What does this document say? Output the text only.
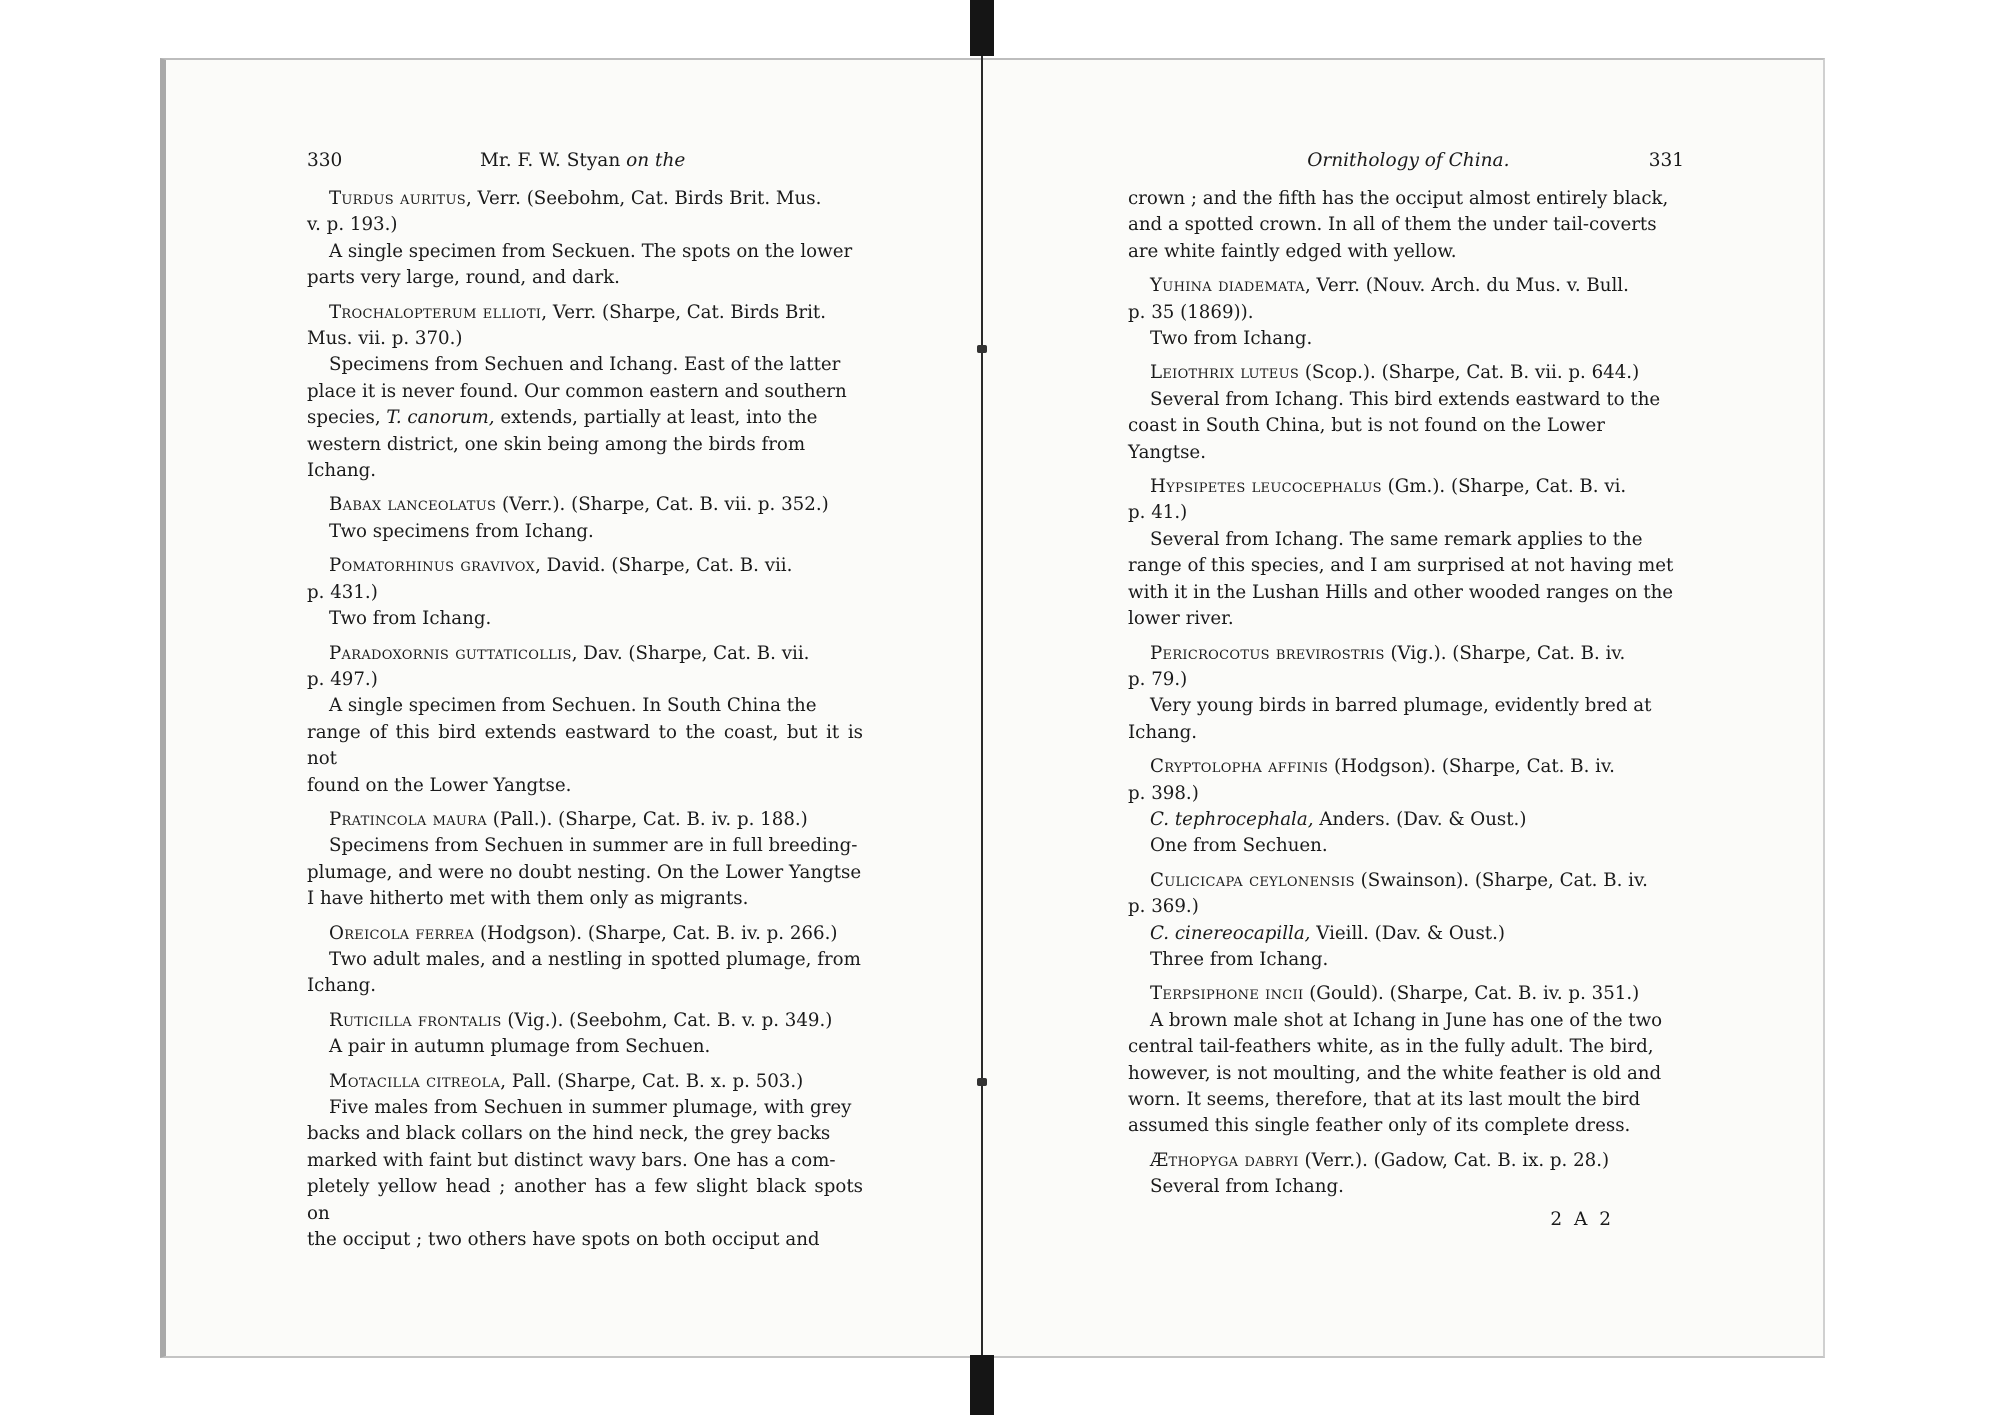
330	Mr. F. W. Styan on the

Turdus auritus, Verr. (Seebohm, Cat. Birds Brit. Mus.

v. p. 193.)

A single specimen from Seckuen. The spots on the lower

parts very large, round, and dark.

Trochalopterum ellioti, Verr. (Sharpe, Cat. Birds Brit.

Mus. vii. p. 370.)

Specimens from Sechuen and Ichang. East of the latter

place it is never found. Our common eastern and southern

species, T. canorum, extends, partially at least, into the

western district, one skin being among the birds from

Ichang.

Babax lanceolatus (Verr.). (Sharpe, Cat. B. vii. p. 352.)

Two specimens from Ichang.

Pomatorhinus gravivox, David. (Sharpe, Cat. B. vii.

p. 431.)

Two from Ichang.

Paradoxornis guttaticollis, Dav. (Sharpe, Cat. B. vii.

p. 497.)

A single specimen from Sechuen. In South China the

range of this bird extends eastward to the coast, but it is not

found on the Lower Yangtse.

Pratincola maura (Pall.). (Sharpe, Cat. B. iv. p. 188.)

Specimens from Sechuen in summer are in full breeding-

plumage, and were no doubt nesting. On the Lower Yangtse

I have hitherto met with them only as migrants.

Oreicola ferrea (Hodgson). (Sharpe, Cat. B. iv. p. 266.)

Two adult males, and a nestling in spotted plumage, from

Ichang.

Ruticilla frontalis (Vig.). (Seebohm, Cat. B. v. p. 349.)

A pair in autumn plumage from Sechuen.

Motacilla citreola, Pall. (Sharpe, Cat. B. x. p. 503.)

Five males from Sechuen in summer plumage, with grey

backs and black collars on the hind neck, the grey backs

marked with faint but distinct wavy bars. One has a com-

pletely yellow head ; another has a few slight black spots on

the occiput ; two others have spots on both occiput and

Ornithology of China.	331

crown ; and the fifth has the occiput almost entirely black,

and a spotted crown. In all of them the under tail-coverts

are white faintly edged with yellow.

Yuhina diademata, Verr. (Nouv. Arch. du Mus. v. Bull.

p. 35 (1869)).

Two from Ichang.

Leiothrix luteus (Scop.). (Sharpe, Cat. B. vii. p. 644.)

Several from Ichang. This bird extends eastward to the

coast in South China, but is not found on the Lower

Yangtse.

Hypsipetes leucocephalus (Gm.). (Sharpe, Cat. B. vi.

p. 41.)

Several from Ichang. The same remark applies to the

range of this species, and I am surprised at not having met

with it in the Lushan Hills and other wooded ranges on the

lower river.

Pericrocotus brevirostris (Vig.). (Sharpe, Cat. B. iv.

p. 79.)

Very young birds in barred plumage, evidently bred at

Ichang.

Cryptolopha affinis (Hodgson). (Sharpe, Cat. B. iv.

p. 398.)

C. tephrocephala, Anders. (Dav. & Oust.)

One from Sechuen.

Culicicapa ceylonensis (Swainson). (Sharpe, Cat. B. iv.

p. 369.)

C. cinereocapilla, Vieill. (Dav. & Oust.)

Three from Ichang.

Terpsiphone incii (Gould). (Sharpe, Cat. B. iv. p. 351.)

A brown male shot at Ichang in June has one of the two

central tail-feathers white, as in the fully adult. The bird,

however, is not moulting, and the white feather is old and

worn. It seems, therefore, that at its last moult the bird

assumed this single feather only of its complete dress.

Æthopyga dabryi (Verr.). (Gadow, Cat. B. ix. p. 28.)

Several from Ichang.

2 A 2
